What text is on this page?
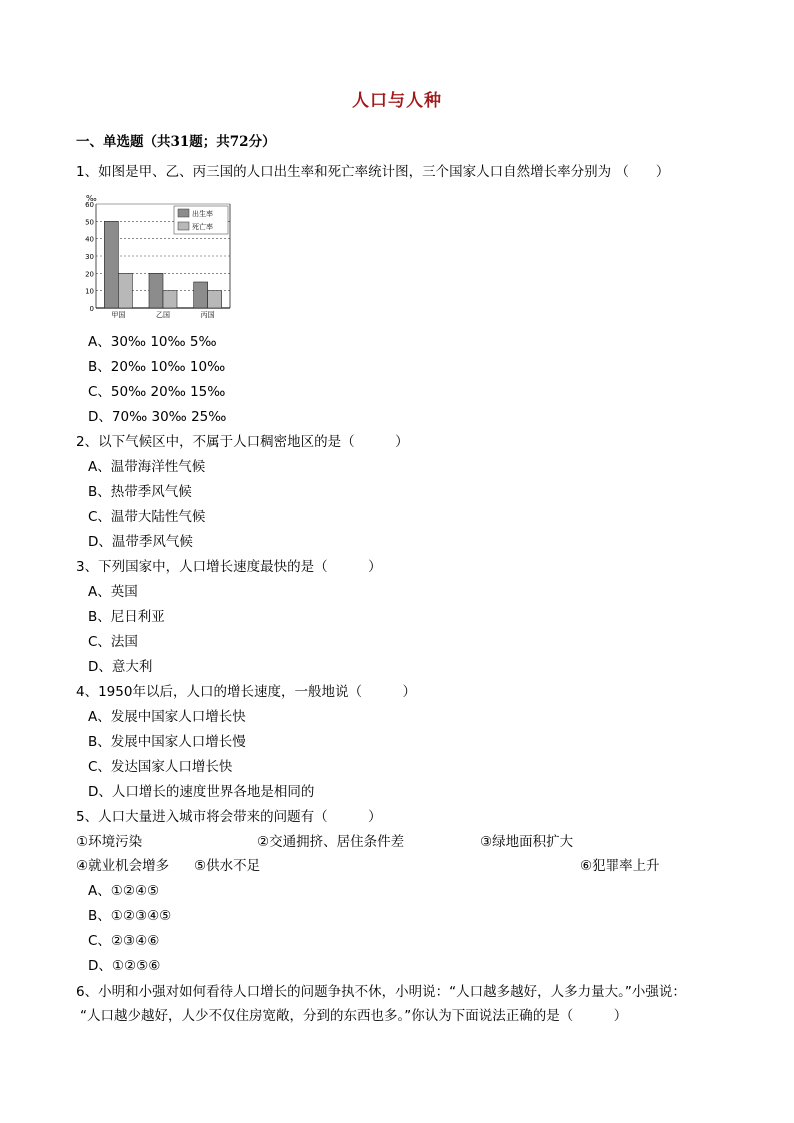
人口与人种
一、单选题（共31题；共72分）
1、如图是甲、乙、丙三国的人口出生率和死亡率统计图，三个国家人口自然增长率分别为 （　　）
0
10
20
30
40
50
60
甲国	乙国	丙国
‰
出生率
死亡率
A、30‰ 10‰ 5‰
B、20‰ 10‰ 10‰
C、50‰ 20‰ 15‰
D、70‰ 30‰ 25‰
2、以下气候区中，不属于人口稠密地区的是（　　　）
A、温带海洋性气候
B、热带季风气候
C、温带大陆性气候
D、温带季风气候
3、下列国家中，人口增长速度最快的是（　　　）
A、英国
B、尼日利亚
C、法国
D、意大利
4、1950年以后，人口的增长速度，一般地说（　　　）
A、发展中国家人口增长快
B、发展中国家人口增长慢
C、发达国家人口增长快
D、人口增长的速度世界各地是相同的
5、人口大量进入城市将会带来的问题有（　　　）
①环境污染	②交通拥挤、居住条件差	③绿地面积扩大
④就业机会增多 ⑤供水不足	⑥犯罪率上升
A、①②④⑤
B、①②③④⑤
C、②③④⑥
D、①②⑤⑥
6、小明和小强对如何看待人口增长的问题争执不休，小明说：“人口越多越好，人多力量大。”小强说：
“人口越少越好，人少不仅住房宽敞，分到的东西也多。”你认为下面说法正确的是（　　　）
